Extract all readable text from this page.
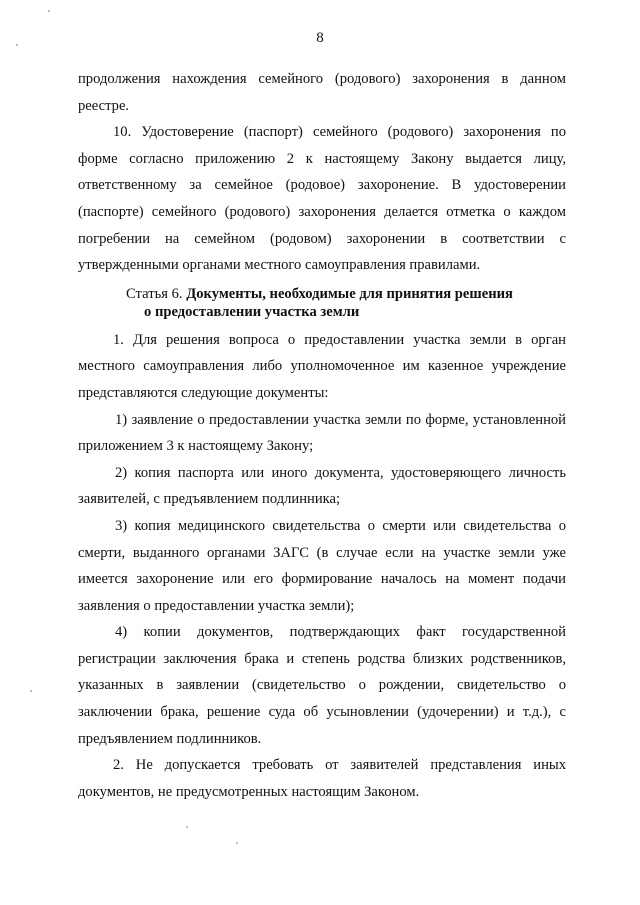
8

продолжения нахождения семейного (родового) захоронения в данном реестре.

10. Удостоверение (паспорт) семейного (родового) захоронения по форме согласно приложению 2 к настоящему Закону выдается лицу, ответственному за семейное (родовое) захоронение. В удостоверении (паспорте) семейного (родового) захоронения делается отметка о каждом погребении на семейном (родовом) захоронении в соответствии с утвержденными органами местного самоуправления правилами.

Статья 6. Документы, необходимые для принятия решения
о предоставлении участка земли

1. Для решения вопроса о предоставлении участка земли в орган местного самоуправления либо уполномоченное им казенное учреждение представляются следующие документы:

1) заявление о предоставлении участка земли по форме, установленной приложением 3 к настоящему Закону;

2) копия паспорта или иного документа, удостоверяющего личность заявителей, с предъявлением подлинника;

3) копия медицинского свидетельства о смерти или свидетельства о смерти, выданного органами ЗАГС (в случае если на участке земли уже имеется захоронение или его формирование началось на момент подачи заявления о предоставлении участка земли);

4) копии документов, подтверждающих факт государственной регистрации заключения брака и степень родства близких родственников, указанных в заявлении (свидетельство о рождении, свидетельство о заключении брака, решение суда об усыновлении (удочерении) и т.д.), с предъявлением подлинников.

2. Не допускается требовать от заявителей представления иных документов, не предусмотренных настоящим Законом.
